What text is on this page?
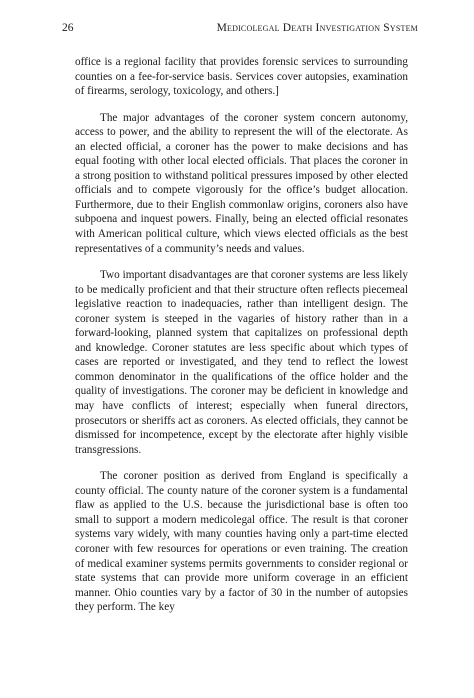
26	Medicolegal Death Investigation System

office is a regional facility that provides forensic services to surrounding counties on a fee-for-service basis. Services cover autopsies, examination of firearms, serology, toxicology, and others.]

The major advantages of the coroner system concern autonomy, access to power, and the ability to represent the will of the electorate. As an elected official, a coroner has the power to make decisions and has equal footing with other local elected officials. That places the coroner in a strong position to withstand political pressures imposed by other elected officials and to compete vigorously for the office’s budget allocation. Furthermore, due to their English commonlaw origins, coroners also have subpoena and inquest powers. Finally, being an elected official resonates with American political culture, which views elected officials as the best representatives of a community’s needs and values.

Two important disadvantages are that coroner systems are less likely to be medically proficient and that their structure often reflects piecemeal legislative reaction to inadequacies, rather than intelligent design. The coroner system is steeped in the vagaries of history rather than in a forward-looking, planned system that capitalizes on professional depth and knowledge. Coroner statutes are less specific about which types of cases are reported or investigated, and they tend to reflect the lowest common denominator in the qualifications of the office holder and the quality of investigations. The coroner may be deficient in knowledge and may have conflicts of interest; especially when funeral directors, prosecutors or sheriffs act as coroners. As elected officials, they cannot be dismissed for incompetence, except by the electorate after highly visible transgressions.

The coroner position as derived from England is specifically a county official. The county nature of the coroner system is a fundamental flaw as applied to the U.S. because the jurisdictional base is often too small to support a modern medicolegal office. The result is that coroner systems vary widely, with many counties having only a part-time elected coroner with few resources for operations or even training. The creation of medical examiner systems permits governments to consider regional or state systems that can provide more uniform coverage in an efficient manner. Ohio counties vary by a factor of 30 in the number of autopsies they perform. The key
